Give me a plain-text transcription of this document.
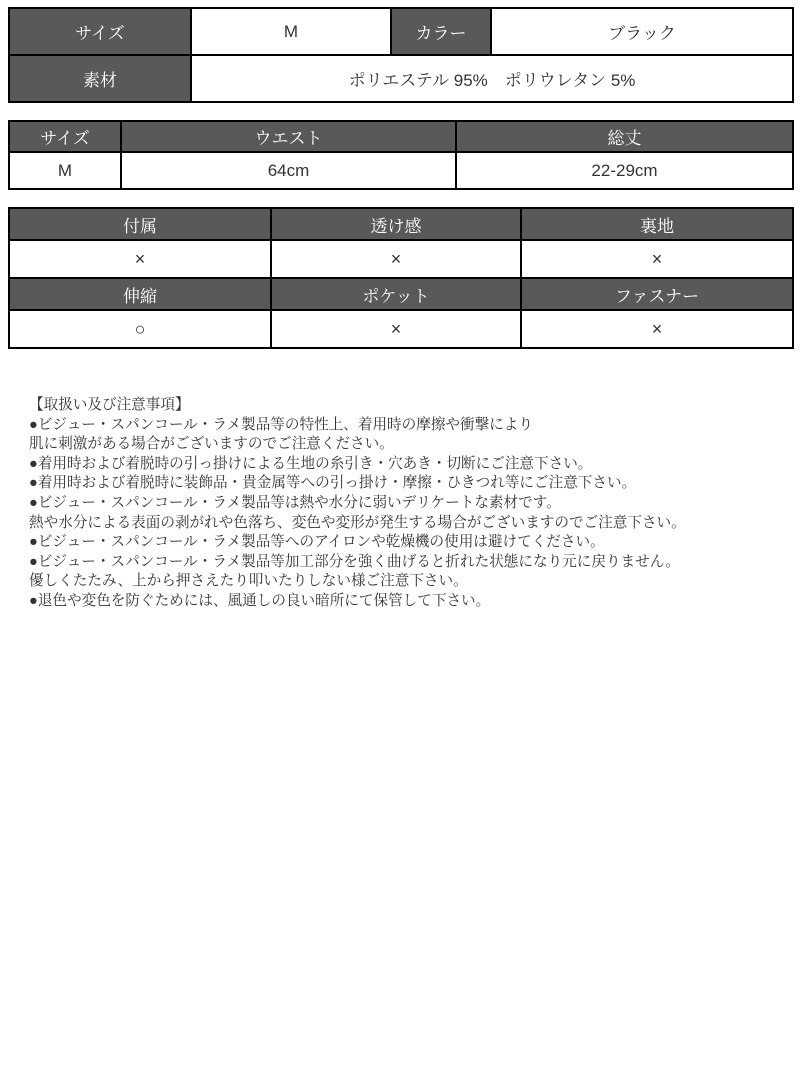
サイズ	M	カラー	ブラック
素材	ポリエステル 95%　ポリウレタン 5%		
サイズ	ウエスト	総丈
M	64cm	22-29cm
付属	透け感	裏地
×	×	×
伸縮	ポケット	ファスナー
○	×	×
【取扱い及び注意事項】
●ビジュー・スパンコール・ラメ製品等の特性上、着用時の摩擦や衝撃により
肌に刺激がある場合がございますのでご注意ください。
●着用時および着脱時の引っ掛けによる生地の糸引き・穴あき・切断にご注意下さい。
●着用時および着脱時に装飾品・貴金属等への引っ掛け・摩擦・ひきつれ等にご注意下さい。
●ビジュー・スパンコール・ラメ製品等は熱や水分に弱いデリケートな素材です。
熱や水分による表面の剥がれや色落ち、変色や変形が発生する場合がございますのでご注意下さい。
●ビジュー・スパンコール・ラメ製品等へのアイロンや乾燥機の使用は避けてください。
●ビジュー・スパンコール・ラメ製品等加工部分を強く曲げると折れた状態になり元に戻りません。
優しくたたみ、上から押さえたり叩いたりしない様ご注意下さい。
●退色や変色を防ぐためには、風通しの良い暗所にて保管して下さい。
